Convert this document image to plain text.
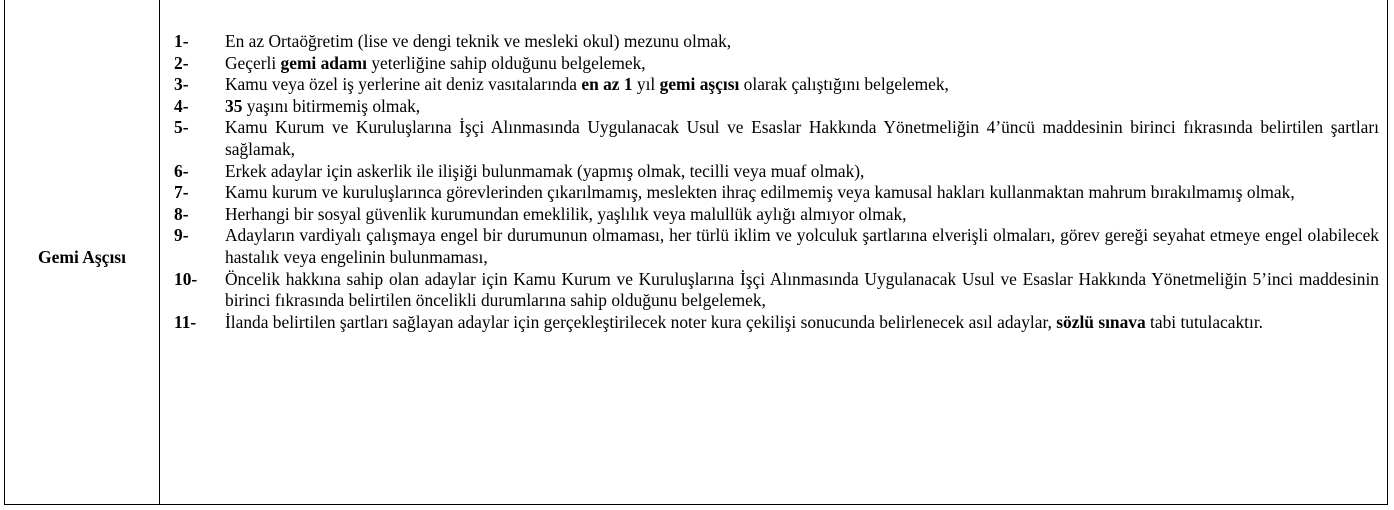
Gemi Aşçısı
1-	En az Ortaöğretim (lise ve dengi teknik ve mesleki okul) mezunu olmak,
2-	Geçerli gemi adamı yeterliğine sahip olduğunu belgelemek,
3-	Kamu veya özel iş yerlerine ait deniz vasıtalarında en az 1 yıl gemi aşçısı olarak çalıştığını belgelemek,
4-	35 yaşını bitirmemiş olmak,
5-	Kamu Kurum ve Kuruluşlarına İşçi Alınmasında Uygulanacak Usul ve Esaslar Hakkında Yönetmeliğin 4’üncü maddesinin birinci fıkrasında belirtilen şartları sağlamak,
6-	Erkek adaylar için askerlik ile ilişiği bulunmamak (yapmış olmak, tecilli veya muaf olmak),
7-	Kamu kurum ve kuruluşlarınca görevlerinden çıkarılmamış, meslekten ihraç edilmemiş veya kamusal hakları kullanmaktan mahrum bırakılmamış olmak,
8-	Herhangi bir sosyal güvenlik kurumundan emeklilik, yaşlılık veya malullük aylığı almıyor olmak,
9-	Adayların vardiyalı çalışmaya engel bir durumunun olmaması, her türlü iklim ve yolculuk şartlarına elverişli olmaları, görev gereği seyahat etmeye engel olabilecek hastalık veya engelinin bulunmaması,
10-	Öncelik hakkına sahip olan adaylar için Kamu Kurum ve Kuruluşlarına İşçi Alınmasında Uygulanacak Usul ve Esaslar Hakkında Yönetmeliğin 5’inci maddesinin birinci fıkrasında belirtilen öncelikli durumlarına sahip olduğunu belgelemek,
11-	İlanda belirtilen şartları sağlayan adaylar için gerçekleştirilecek noter kura çekilişi sonucunda belirlenecek asıl adaylar, sözlü sınava tabi tutulacaktır.
